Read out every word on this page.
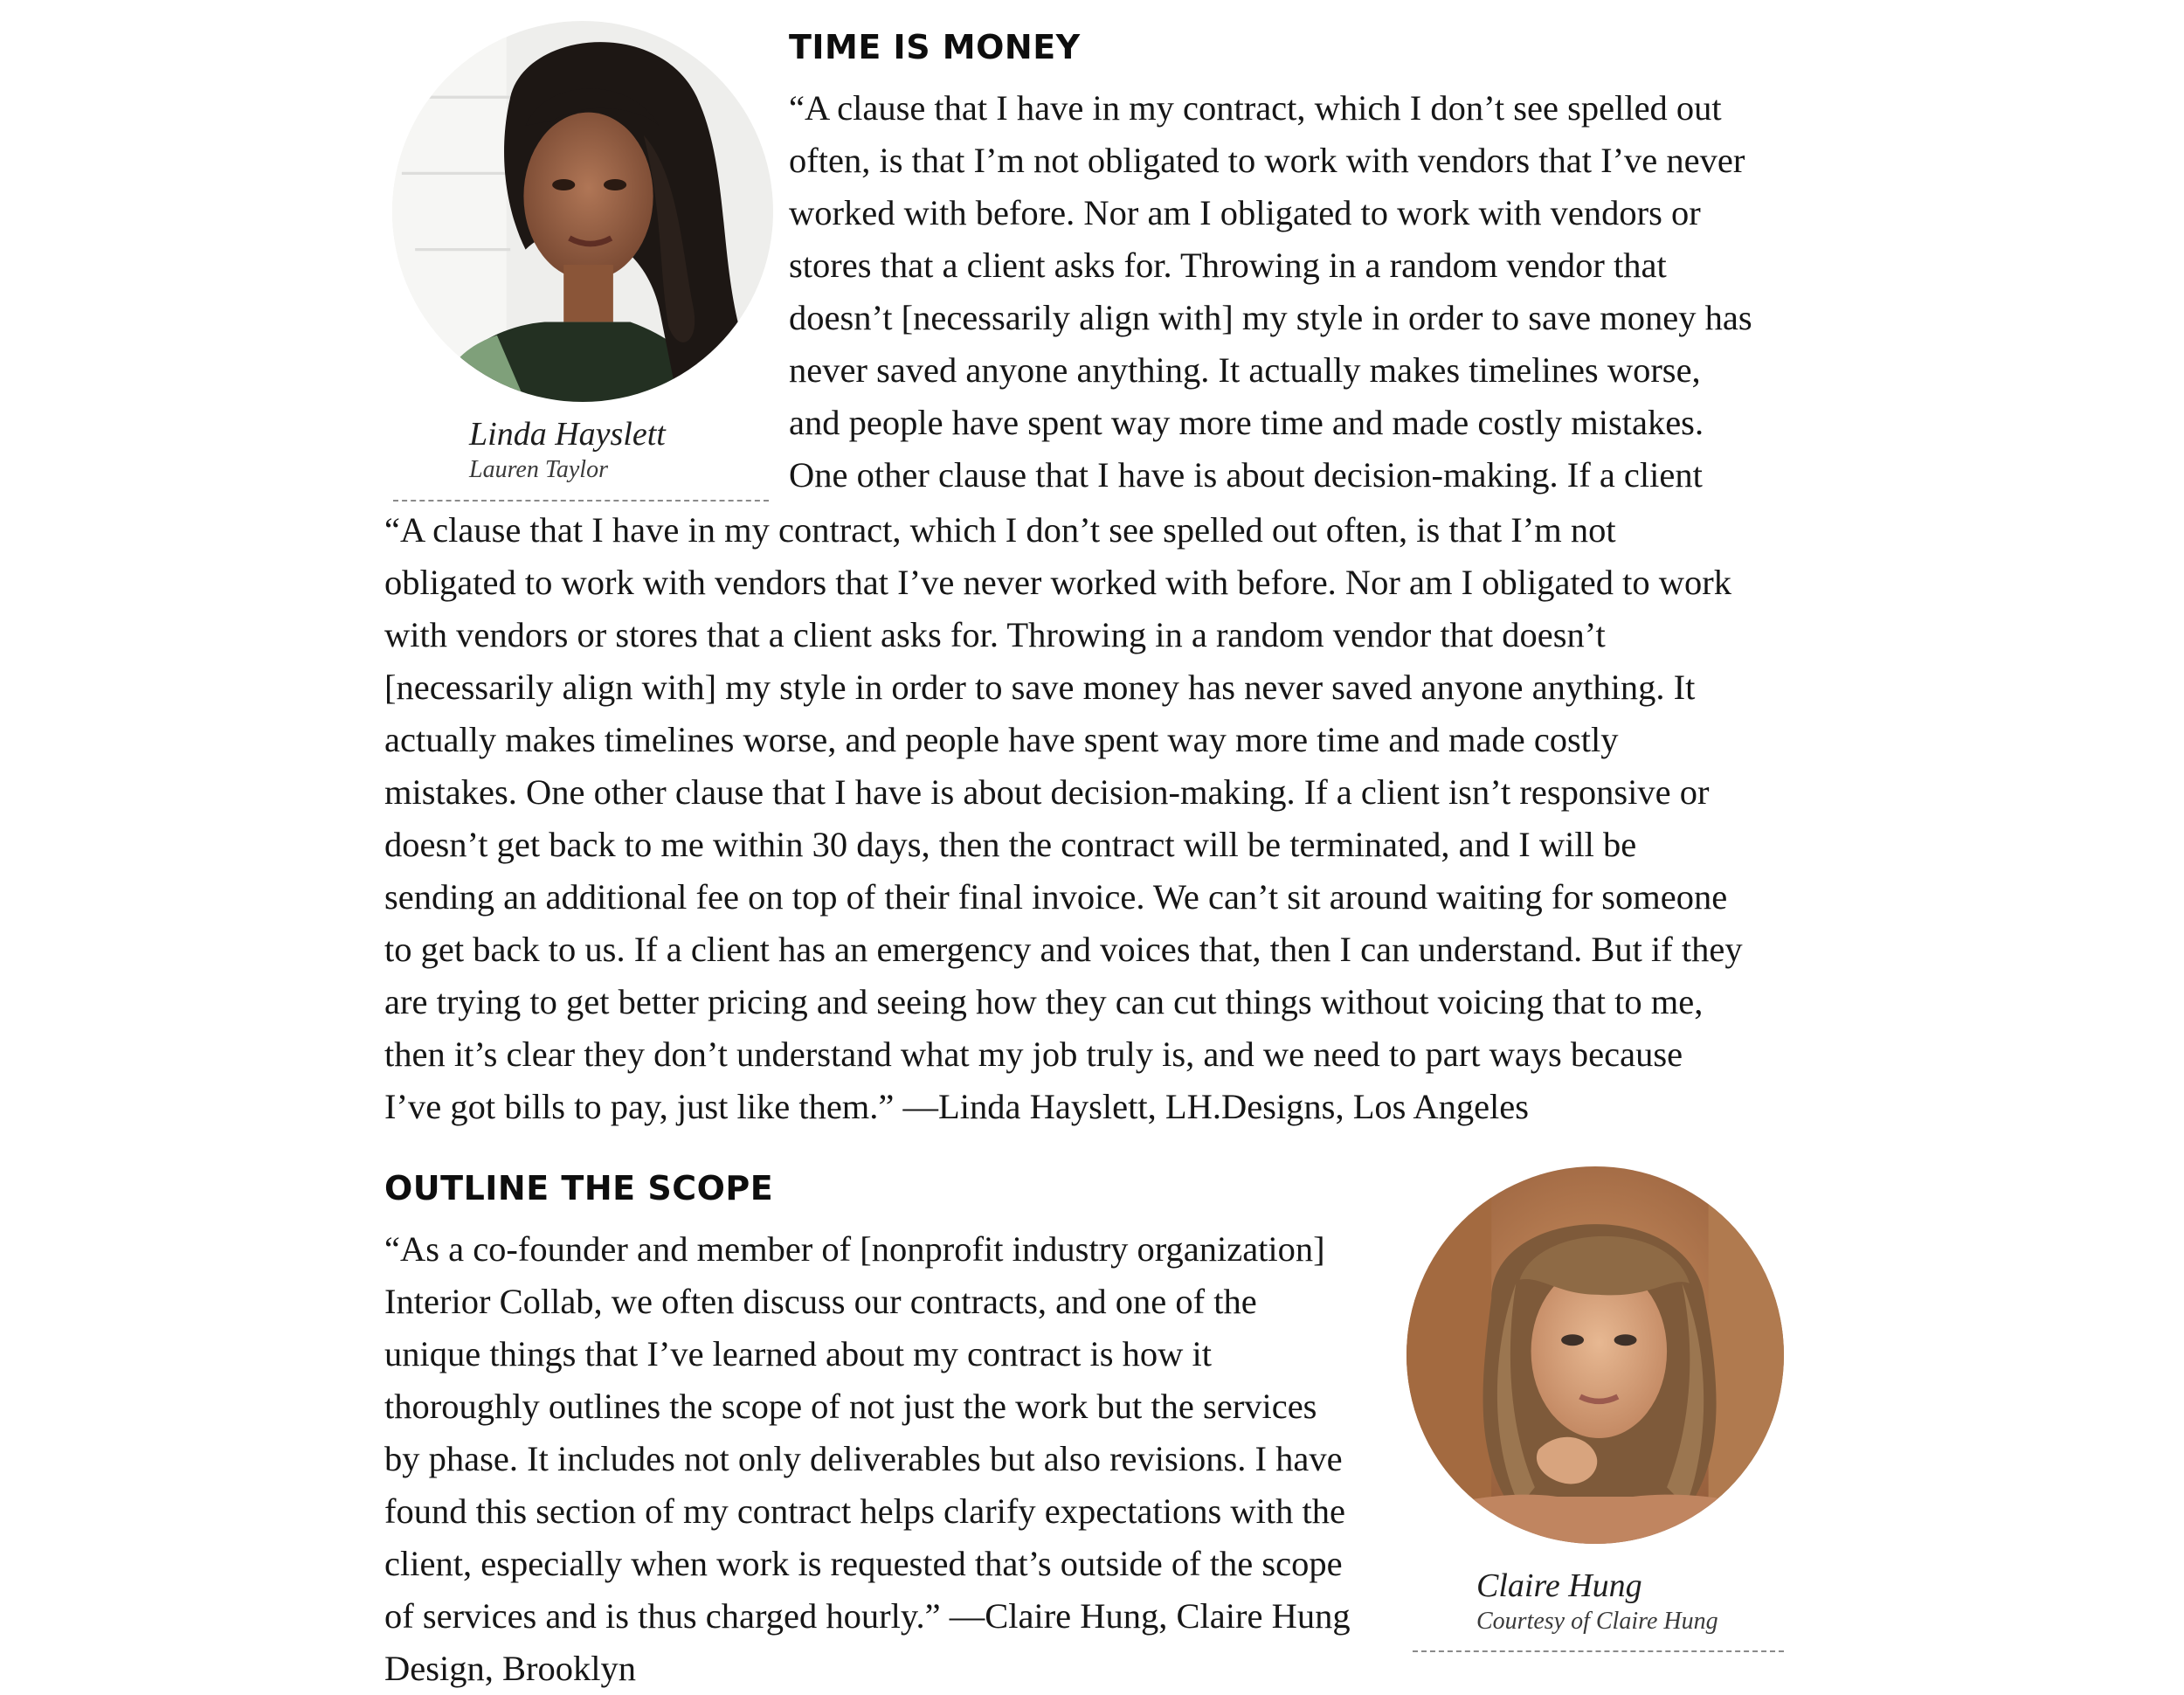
Linda Hayslett
Lauren Taylor
TIME IS MONEY
“A clause that I have in my contract, which I don’t see spelled out
often, is that I’m not obligated to work with vendors that I’ve never
worked with before. Nor am I obligated to work with vendors or
stores that a client asks for. Throwing in a random vendor that
doesn’t [necessarily align with] my style in order to save money has
never saved anyone anything. It actually makes timelines worse,
and people have spent way more time and made costly mistakes.
One other clause that I have is about decision-making. If a client
“A clause that I have in my contract, which I don’t see spelled out often, is that I’m not
obligated to work with vendors that I’ve never worked with before. Nor am I obligated to work
with vendors or stores that a client asks for. Throwing in a random vendor that doesn’t
[necessarily align with] my style in order to save money has never saved anyone anything. It
actually makes timelines worse, and people have spent way more time and made costly
mistakes. One other clause that I have is about decision-making. If a client isn’t responsive or
doesn’t get back to me within 30 days, then the contract will be terminated, and I will be
sending an additional fee on top of their final invoice. We can’t sit around waiting for someone
to get back to us. If a client has an emergency and voices that, then I can understand. But if they
are trying to get better pricing and seeing how they can cut things without voicing that to me,
then it’s clear they don’t understand what my job truly is, and we need to part ways because
I’ve got bills to pay, just like them.” —Linda Hayslett, LH.Designs, Los Angeles
OUTLINE THE SCOPE
“As a co-founder and member of [nonprofit industry organization]
Interior Collab, we often discuss our contracts, and one of the
unique things that I’ve learned about my contract is how it
thoroughly outlines the scope of not just the work but the services
by phase. It includes not only deliverables but also revisions. I have
found this section of my contract helps clarify expectations with the
client, especially when work is requested that’s outside of the scope
of services and is thus charged hourly.” —Claire Hung, Claire Hung
Design, Brooklyn
Claire Hung
Courtesy of Claire Hung
